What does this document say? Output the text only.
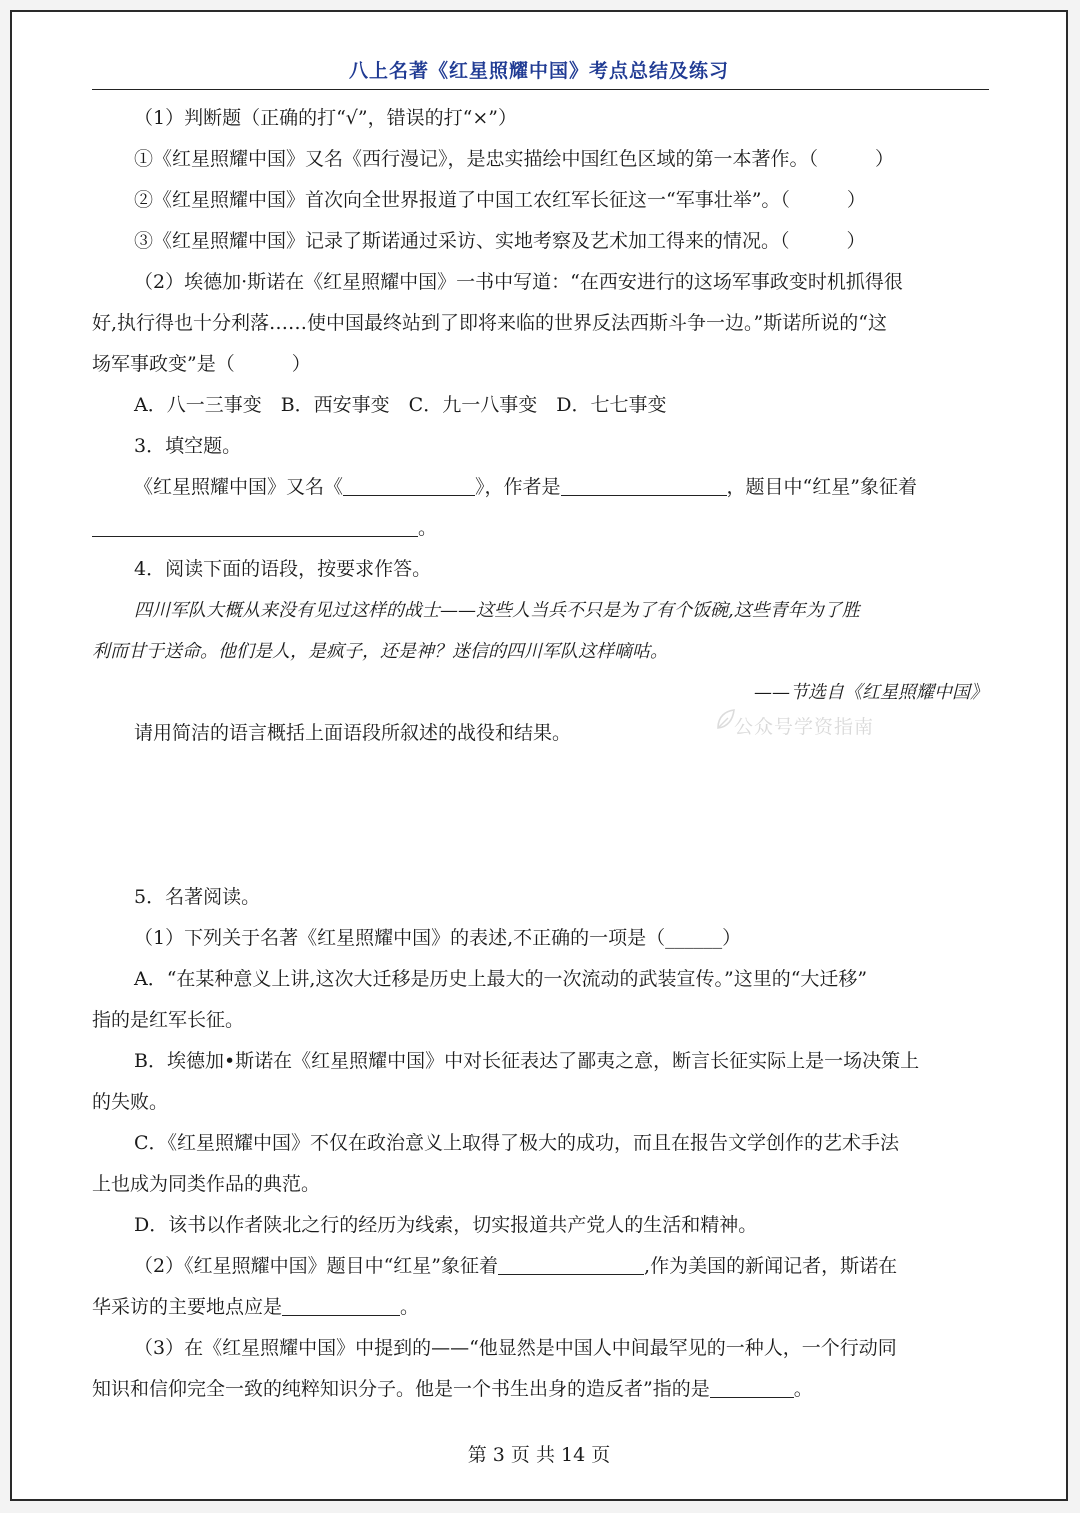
八上名著《红星照耀中国》考点总结及练习

（1）判断题（正确的打“√”，错误的打“×”）

①《红星照耀中国》又名《西行漫记》，是忠实描绘中国红色区域的第一本著作。（　　　）

②《红星照耀中国》首次向全世界报道了中国工农红军长征这一“军事壮举”。（　　　）

③《红星照耀中国》记录了斯诺通过采访、实地考察及艺术加工得来的情况。（　　　）

（2）埃德加·斯诺在《红星照耀中国》一书中写道：“在西安进行的这场军事政变时机抓得很

好,执行得也十分利落……使中国最终站到了即将来临的世界反法西斯斗争一边。”斯诺所说的“这

场军事政变”是（　　　）

A．八一三事变　B．西安事变　C．九一八事变　D．七七事变

3．填空题。

《红星照耀中国》又名《	》，作者是	，题目中“红星”象征着

。

4．阅读下面的语段，按要求作答。

四川军队大概从来没有见过这样的战士——这些人当兵不只是为了有个饭碗,这些青年为了胜

利而甘于送命。他们是人，是疯子，还是神？迷信的四川军队这样嘀咕。

——节选自《红星照耀中国》

请用简洁的语言概括上面语段所叙述的战役和结果。

5．名著阅读。

（1）下列关于名著《红星照耀中国》的表述,不正确的一项是（______）

A．“在某种意义上讲,这次大迁移是历史上最大的一次流动的武装宣传。”这里的“大迁移”

指的是红军长征。

B．埃德加•斯诺在《红星照耀中国》中对长征表达了鄙夷之意，断言长征实际上是一场决策上

的失败。

C．《红星照耀中国》不仅在政治意义上取得了极大的成功，而且在报告文学创作的艺术手法

上也成为同类作品的典范。

D．该书以作者陕北之行的经历为线索，切实报道共产党人的生活和精神。

（2）《红星照耀中国》题目中“红星”象征着	,作为美国的新闻记者，斯诺在

华采访的主要地点应是	。

（3）在《红星照耀中国》中提到的——“他显然是中国人中间最罕见的一种人，一个行动同

知识和信仰完全一致的纯粹知识分子。他是一个书生出身的造反者”指的是	。

公众号学资指南
第 3 页 共 14 页
